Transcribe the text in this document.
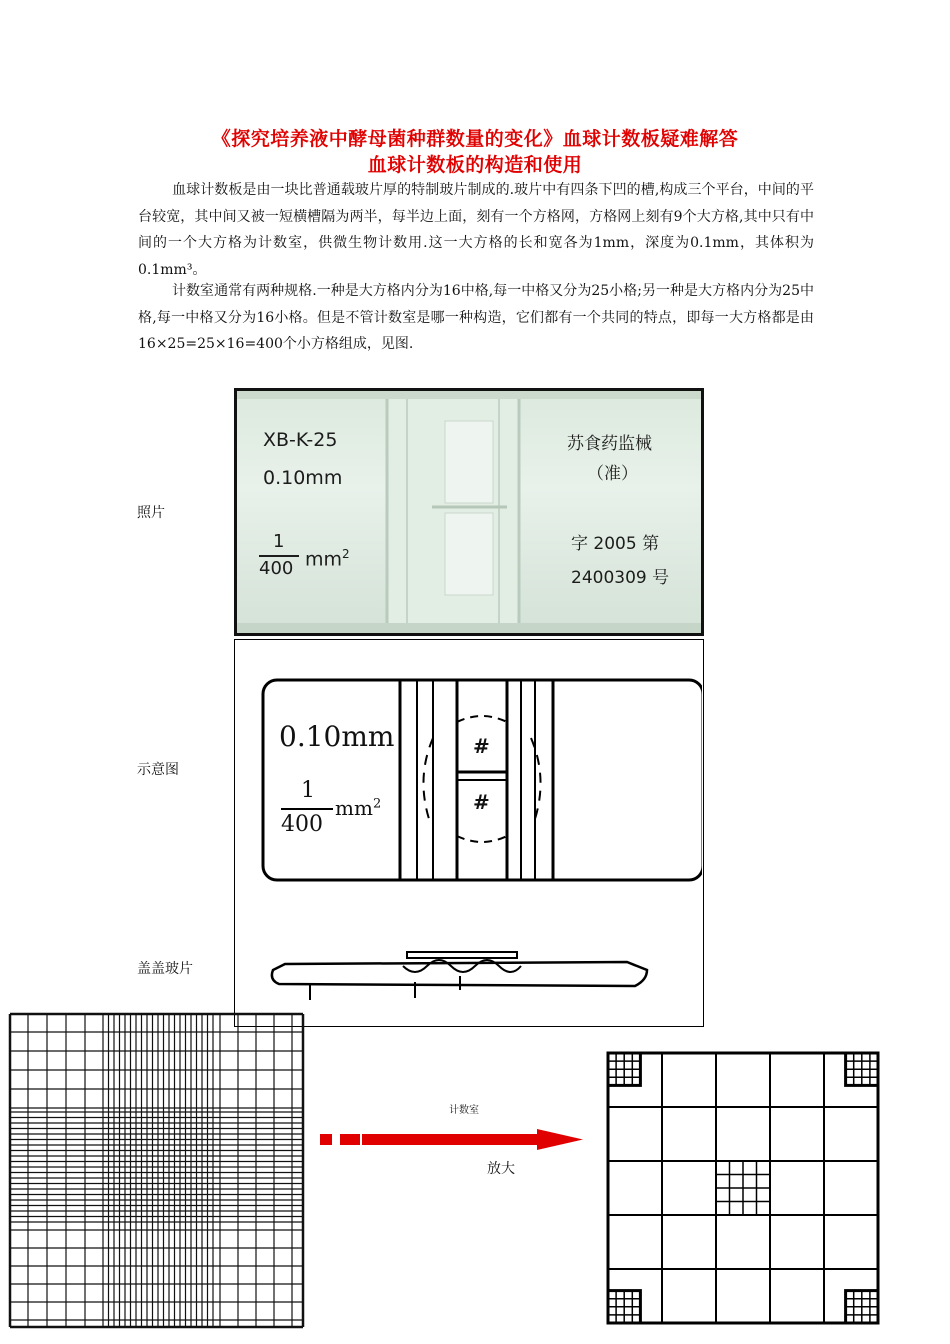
《探究培养液中酵母菌种群数量的变化》血球计数板疑难解答
血球计数板的构造和使用
血球计数板是由一块比普通载玻片厚的特制玻片制成的.玻片中有四条下凹的槽,构成三个平台，中间的平台较宽，其中间又被一短横槽隔为两半，每半边上面，刻有一个方格网，方格网上刻有9个大方格,其中只有中间的一个大方格为计数室，供微生物计数用.这一大方格的长和宽各为1mm，深度为0.1mm，其体积为0.1mm³。
计数室通常有两种规格.一种是大方格内分为16中格,每一中格又分为25小格;另一种是大方格内分为25中格,每一中格又分为16小格。但是不管计数室是哪一种构造，它们都有一个共同的特点，即每一大方格都是由16×25=25×16=400个小方格组成，见图.
照片
示意图
盖盖玻片
XB-K-25
0.10mm
1
400 $mm^2$
苏食药监械
（准）
字 2005 第
2400309 号
0.10mm
1
400
$mm^2$
#
#
计数室
放大
